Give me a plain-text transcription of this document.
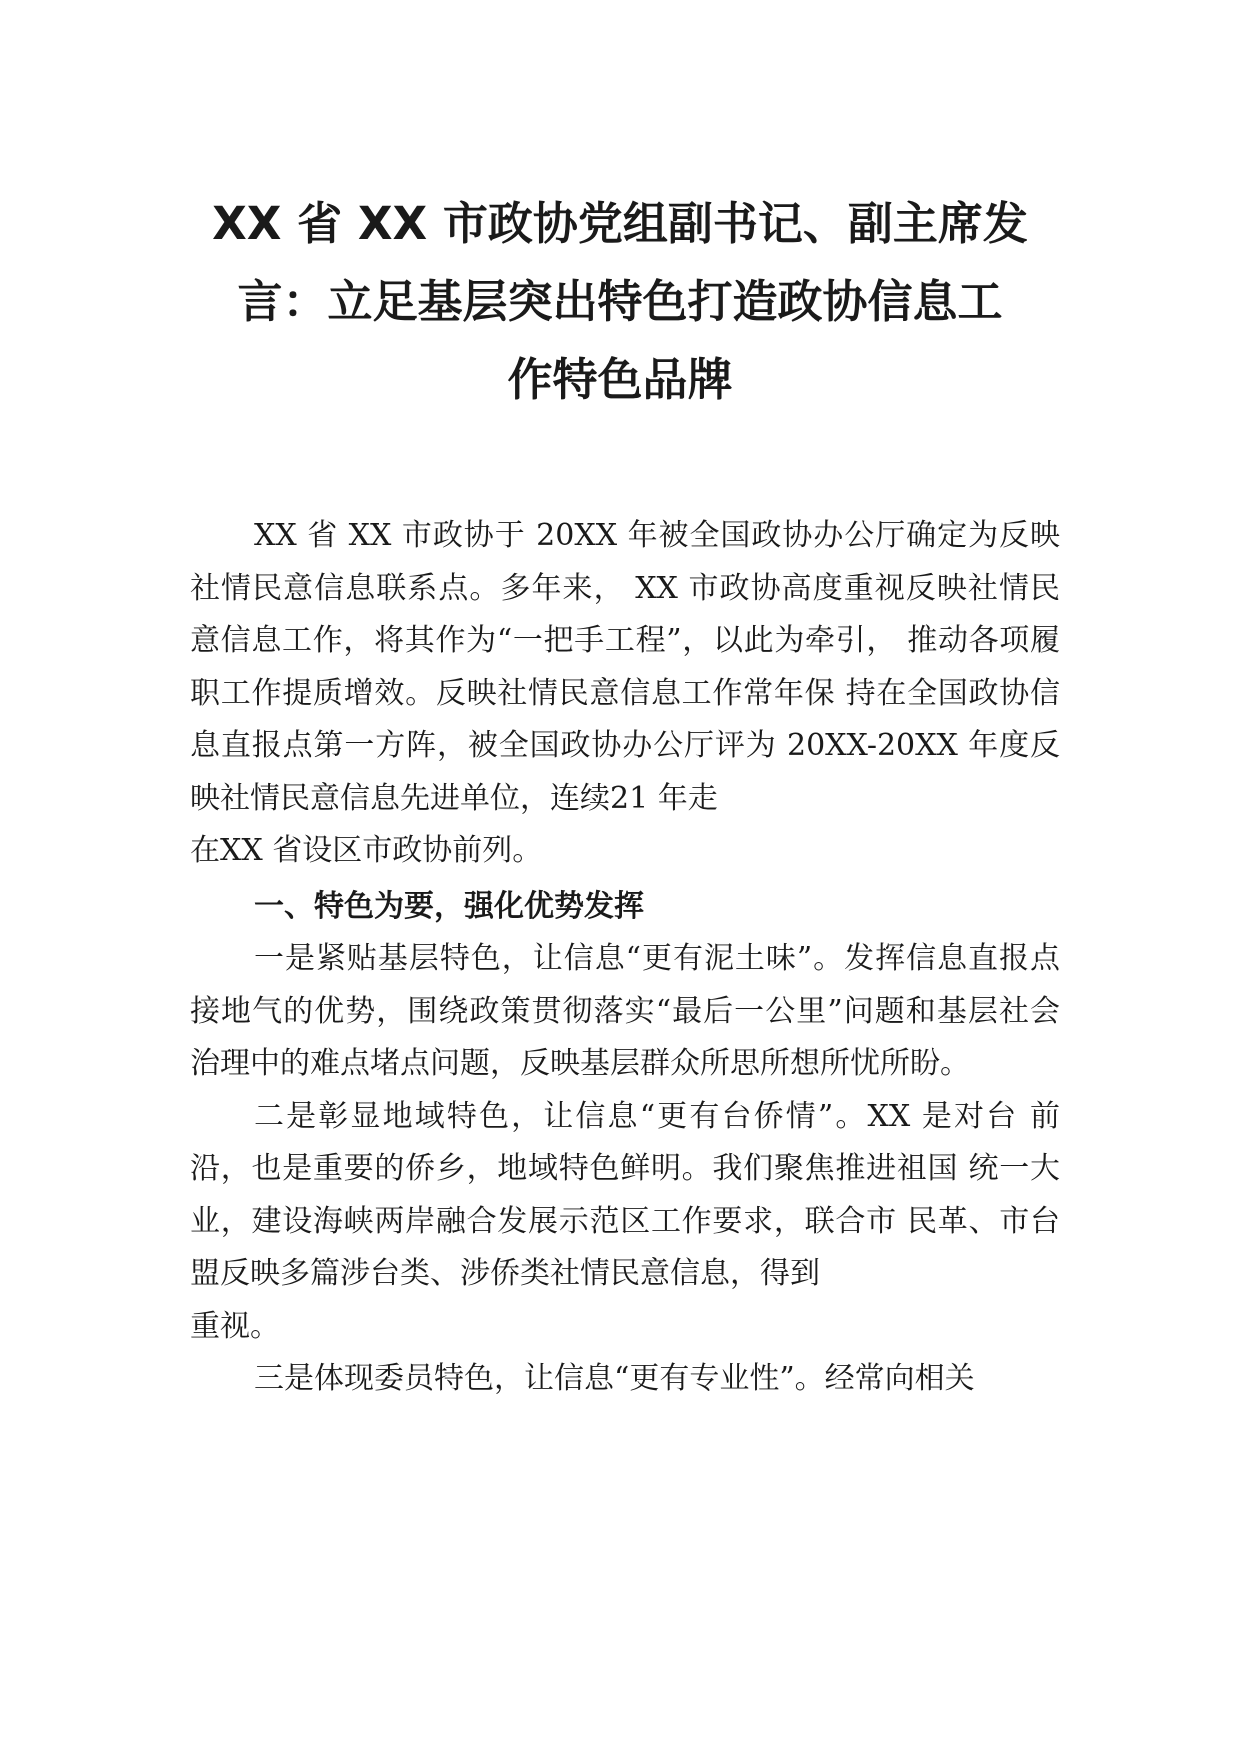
XX 省 XX 市政协党组副书记、副主席发
言：立足基层突出特色打造政协信息工
作特色品牌

XX 省 XX 市政协于 20XX 年被全国政协办公厅确定为反映社情民意信息联系点。多年来， XX 市政协高度重视反映社情民意信息工作，将其作为“一把手工程”，以此为牵引， 推动各项履职工作提质增效。反映社情民意信息工作常年保 持在全国政协信息直报点第一方阵，被全国政协办公厅评为 20XX-20XX 年度反映社情民意信息先进单位，连续21 年走

在XX 省设区市政协前列。

一、特色为要，强化优势发挥

一是紧贴基层特色，让信息“更有泥土味”。发挥信息直报点接地气的优势，围绕政策贯彻落实“最后一公里”问题和基层社会治理中的难点堵点问题，反映基层群众所思所想所忧所盼。

二是彰显地域特色，让信息“更有台侨情”。XX 是对台 前沿，也是重要的侨乡，地域特色鲜明。我们聚焦推进祖国 统一大业，建设海峡两岸融合发展示范区工作要求，联合市 民革、市台盟反映多篇涉台类、涉侨类社情民意信息，得到

重视。

三是体现委员特色，让信息“更有专业性”。经常向相关
